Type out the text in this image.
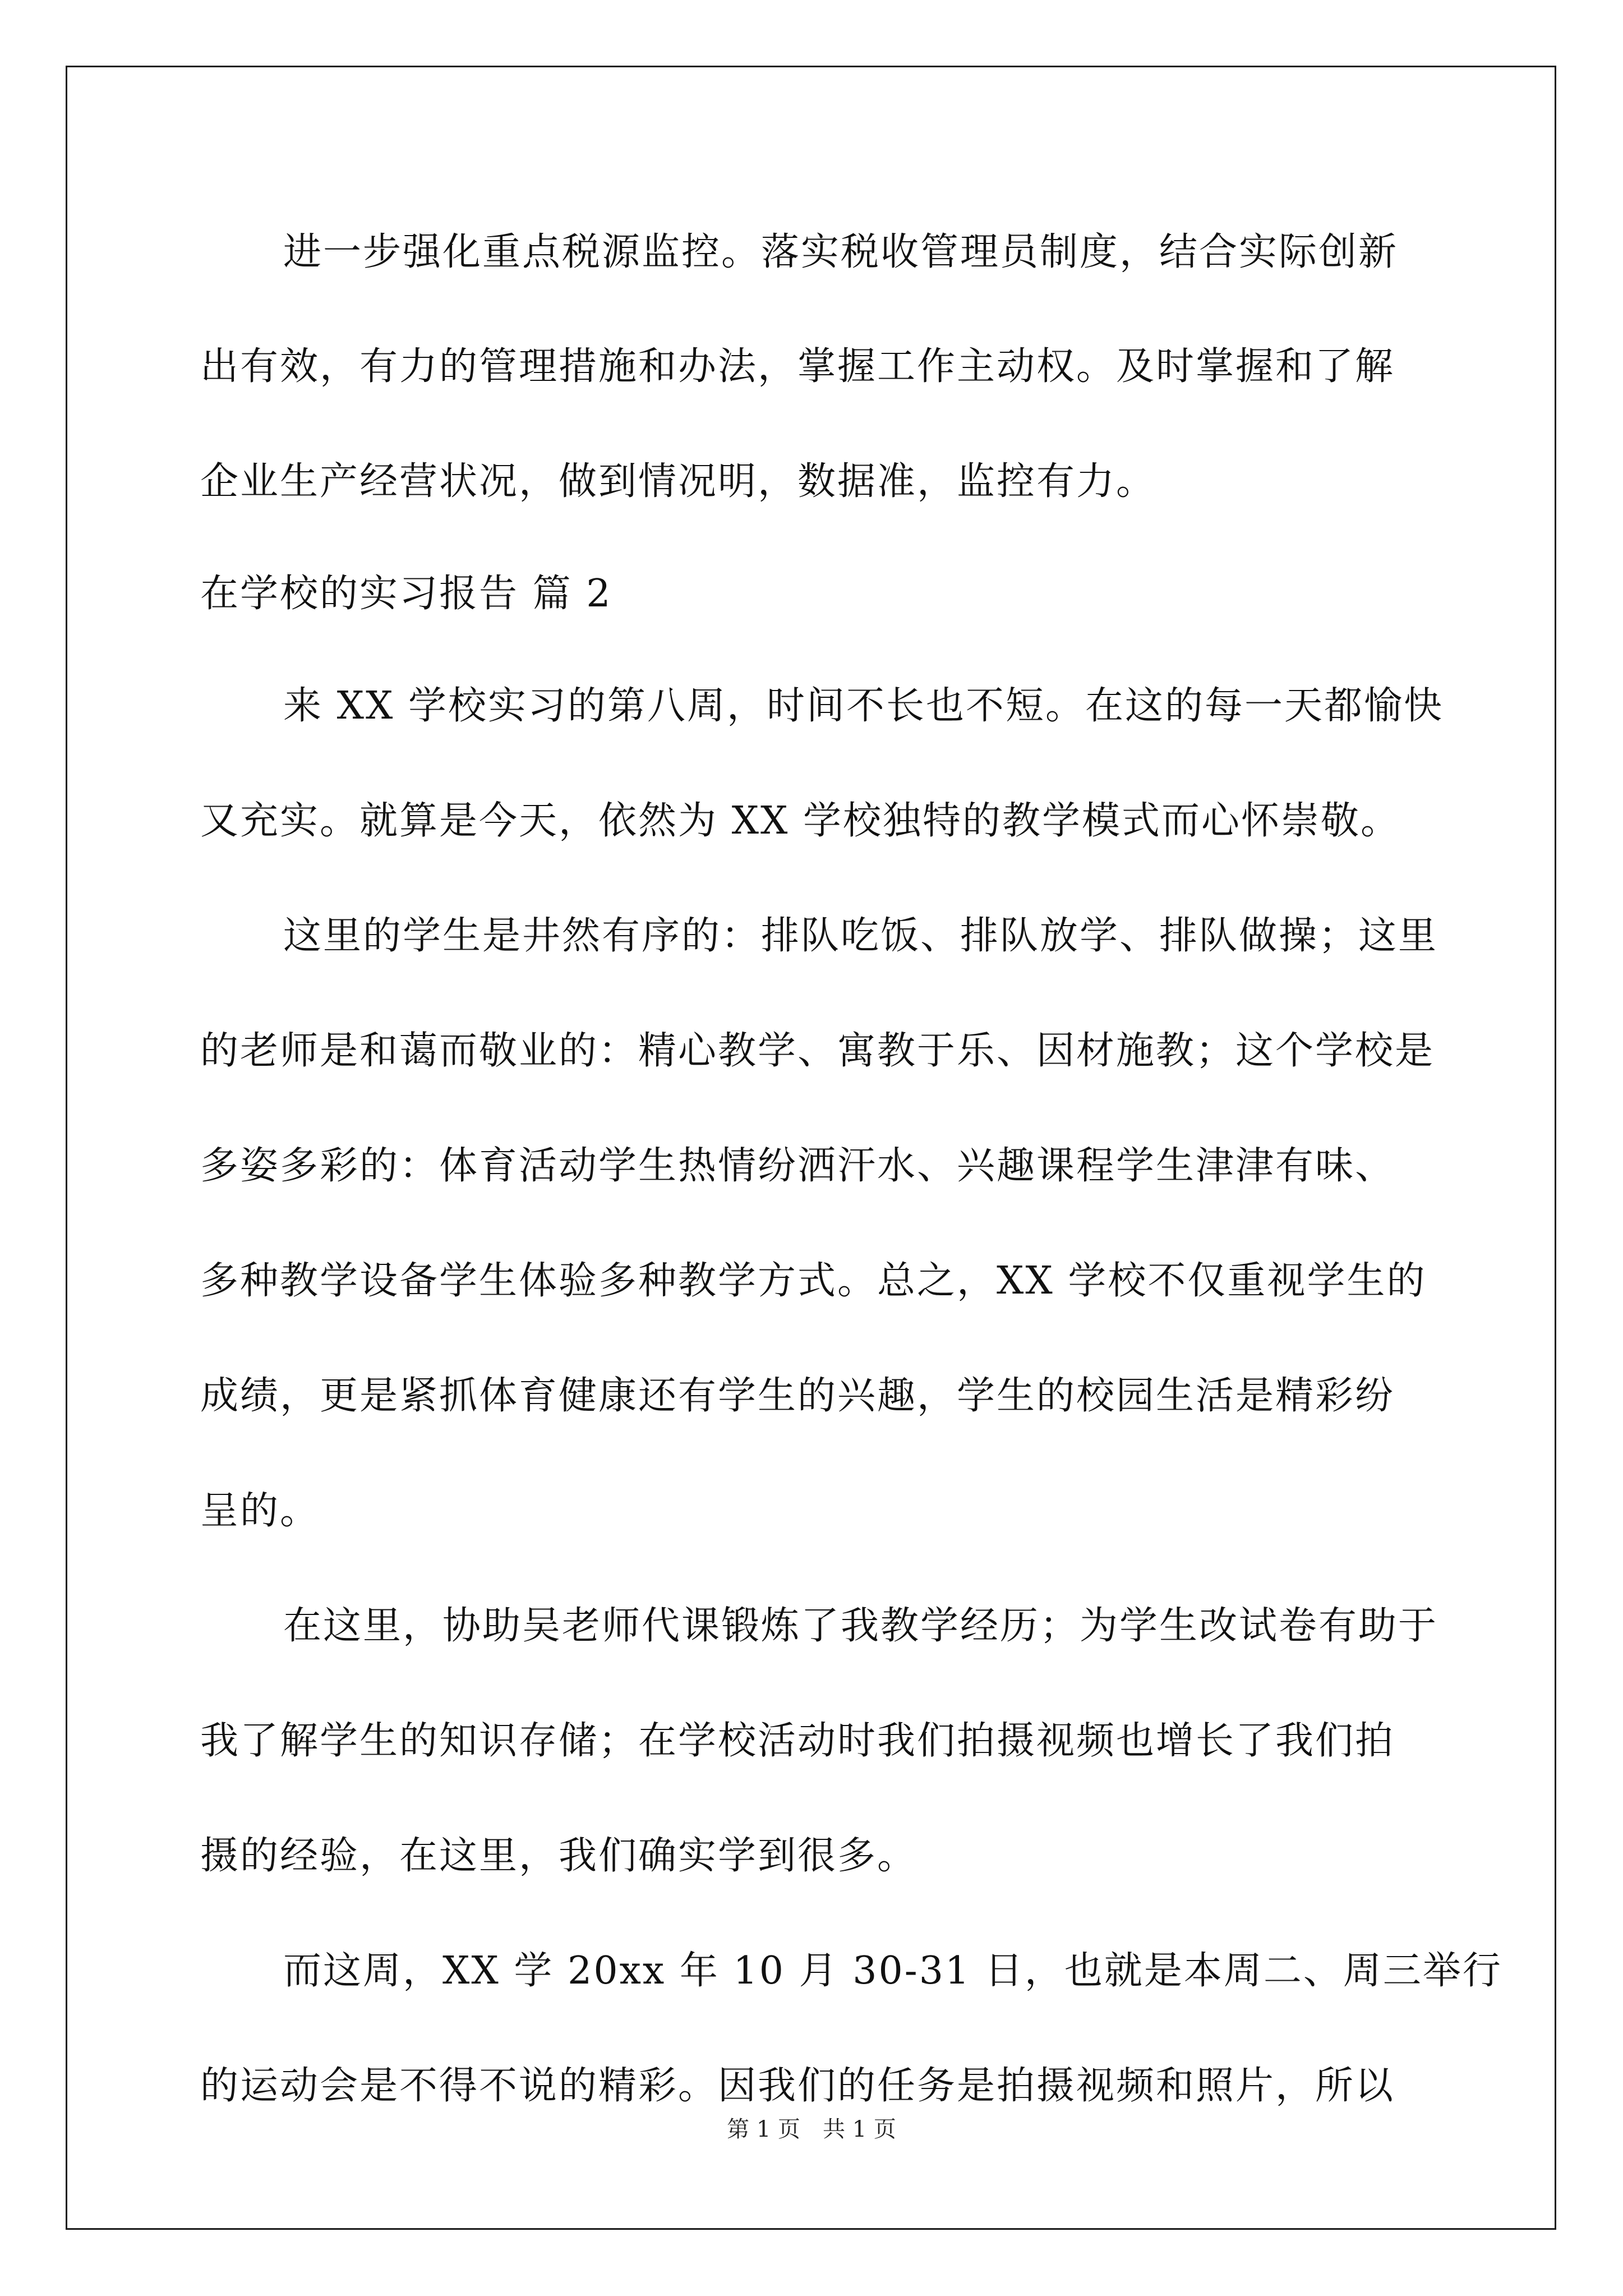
进一步强化重点税源监控。落实税收管理员制度，结合实际创新
出有效，有力的管理措施和办法，掌握工作主动权。及时掌握和了解
企业生产经营状况，做到情况明，数据准，监控有力。
在学校的实习报告 篇 2
来 XX 学校实习的第八周，时间不长也不短。在这的每一天都愉快
又充实。就算是今天，依然为 XX 学校独特的教学模式而心怀崇敬。
这里的学生是井然有序的：排队吃饭、排队放学、排队做操；这里
的老师是和蔼而敬业的：精心教学、寓教于乐、因材施教；这个学校是
多姿多彩的：体育活动学生热情纷洒汗水、兴趣课程学生津津有味、
多种教学设备学生体验多种教学方式。总之，XX 学校不仅重视学生的
成绩，更是紧抓体育健康还有学生的兴趣，学生的校园生活是精彩纷
呈的。
在这里，协助吴老师代课锻炼了我教学经历；为学生改试卷有助于
我了解学生的知识存储；在学校活动时我们拍摄视频也增长了我们拍
摄的经验，在这里，我们确实学到很多。
而这周，XX 学 20xx 年 10 月 30-31 日，也就是本周二、周三举行
的运动会是不得不说的精彩。因我们的任务是拍摄视频和照片，所以
第 1 页　共 1 页
